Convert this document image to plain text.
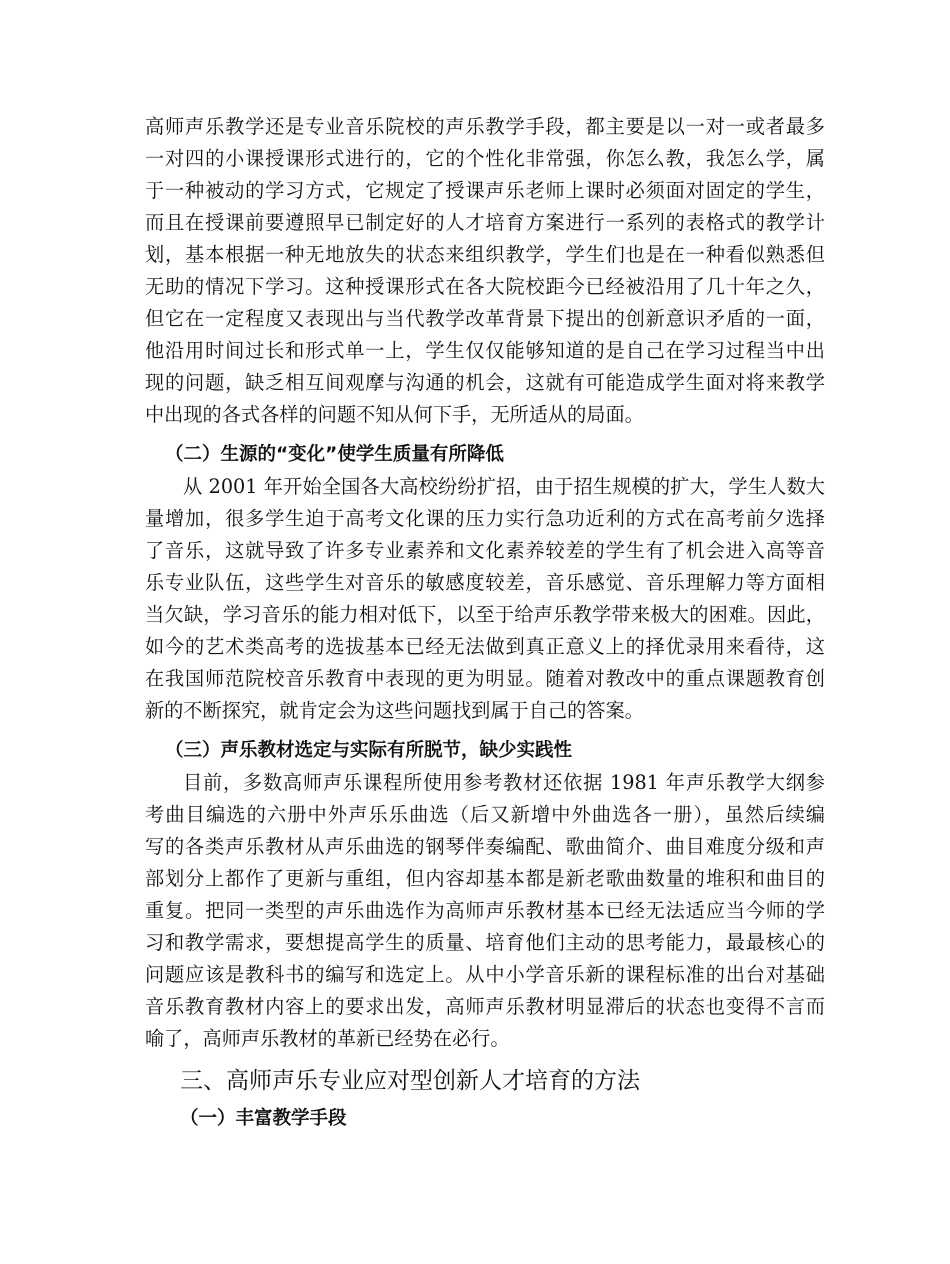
高师声乐教学还是专业音乐院校的声乐教学手段，都主要是以一对一或者最多
一对四的小课授课形式进行的，它的个性化非常强，你怎么教，我怎么学，属
于一种被动的学习方式，它规定了授课声乐老师上课时必须面对固定的学生，
而且在授课前要遵照早已制定好的人才培育方案进行一系列的表格式的教学计
划，基本根据一种无地放失的状态来组织教学，学生们也是在一种看似熟悉但
无助的情况下学习。这种授课形式在各大院校距今已经被沿用了几十年之久，
但它在一定程度又表现出与当代教学改革背景下提出的创新意识矛盾的一面，
他沿用时间过长和形式单一上，学生仅仅能够知道的是自己在学习过程当中出
现的问题，缺乏相互间观摩与沟通的机会，这就有可能造成学生面对将来教学
中出现的各式各样的问题不知从何下手，无所适从的局面。
（二）生源的“变化”使学生质量有所降低
从 2001 年开始全国各大高校纷纷扩招，由于招生规模的扩大，学生人数大
量增加，很多学生迫于高考文化课的压力实行急功近利的方式在高考前夕选择
了音乐，这就导致了许多专业素养和文化素养较差的学生有了机会进入高等音
乐专业队伍，这些学生对音乐的敏感度较差，音乐感觉、音乐理解力等方面相
当欠缺，学习音乐的能力相对低下，以至于给声乐教学带来极大的困难。因此，
如今的艺术类高考的选拔基本已经无法做到真正意义上的择优录用来看待，这
在我国师范院校音乐教育中表现的更为明显。随着对教改中的重点课题教育创
新的不断探究，就肯定会为这些问题找到属于自己的答案。
（三）声乐教材选定与实际有所脱节，缺少实践性
目前，多数高师声乐课程所使用参考教材还依据 1981 年声乐教学大纲参
考曲目编选的六册中外声乐乐曲选（后又新增中外曲选各一册），虽然后续编
写的各类声乐教材从声乐曲选的钢琴伴奏编配、歌曲简介、曲目难度分级和声
部划分上都作了更新与重组，但内容却基本都是新老歌曲数量的堆积和曲目的
重复。把同一类型的声乐曲选作为高师声乐教材基本已经无法适应当今师的学
习和教学需求，要想提高学生的质量、培育他们主动的思考能力，最最核心的
问题应该是教科书的编写和选定上。从中小学音乐新的课程标准的出台对基础
音乐教育教材内容上的要求出发，高师声乐教材明显滞后的状态也变得不言而
喻了，高师声乐教材的革新已经势在必行。
三、高师声乐专业应对型创新人才培育的方法
（一）丰富教学手段
